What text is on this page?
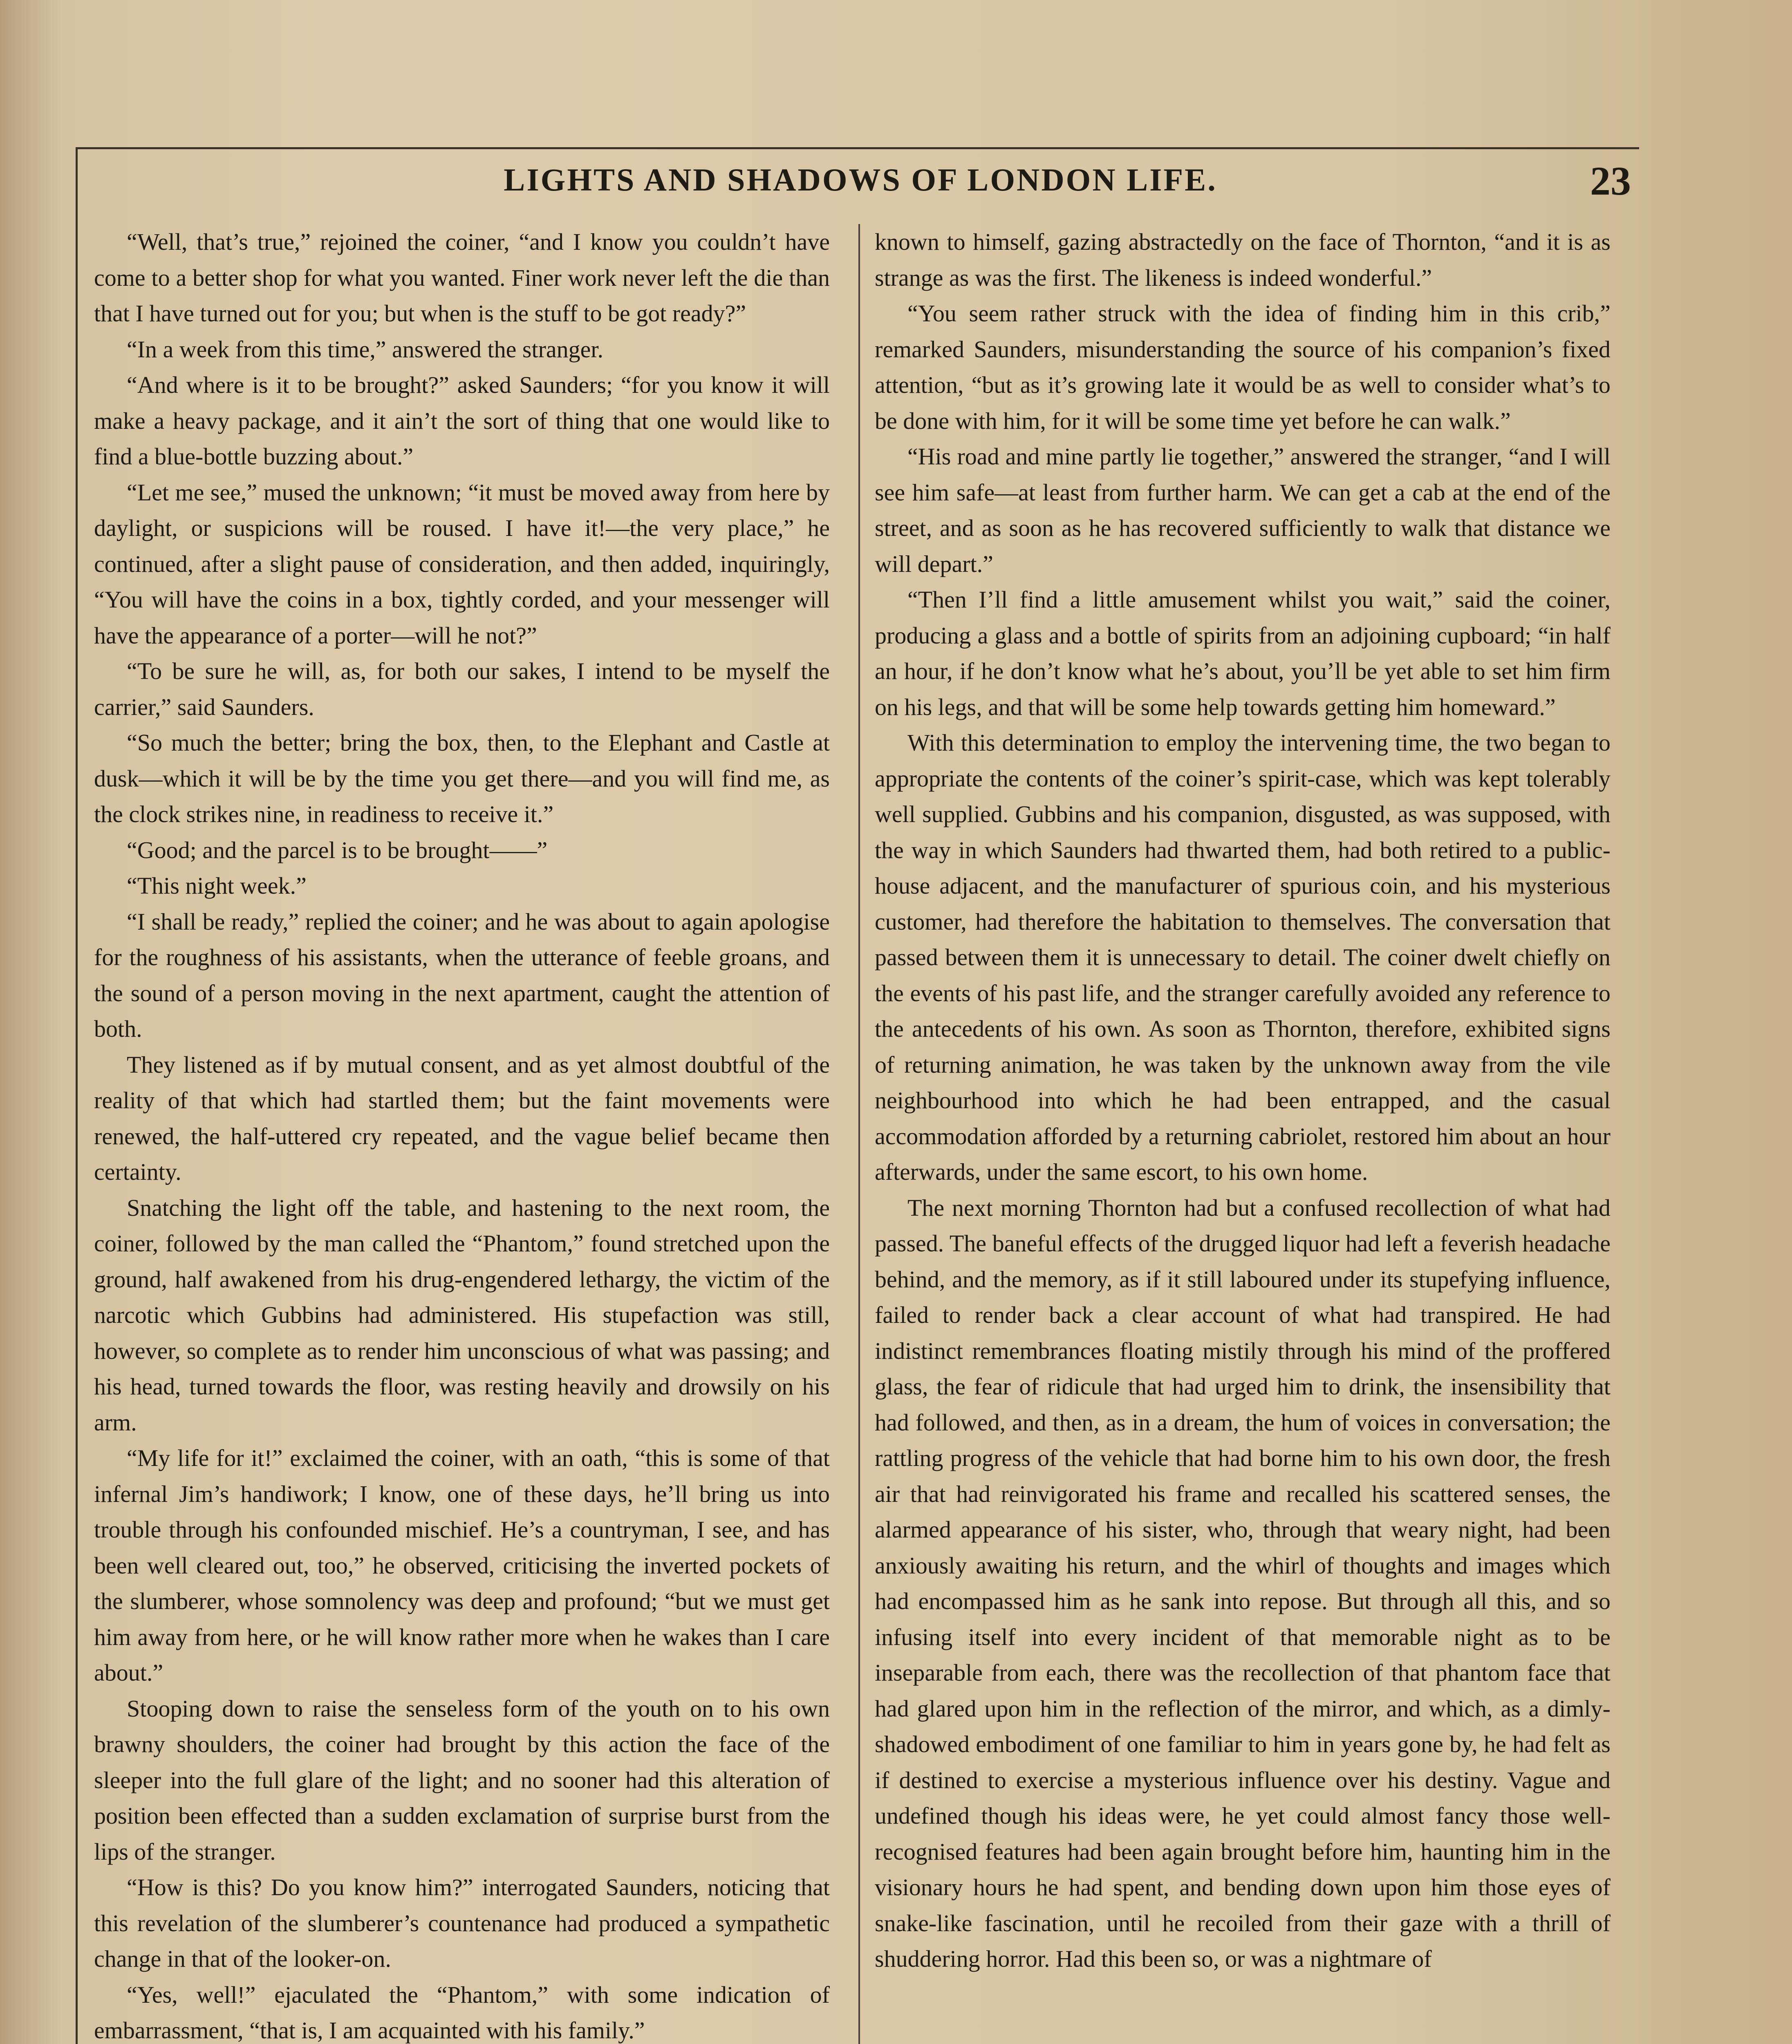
LIGHTS AND SHADOWS OF LONDON LIFE.	23

“Well, that’s true,” rejoined the coiner, “and I know you couldn’t have come to a better shop for what you wanted. Finer work never left the die than that I have turned out for you; but when is the stuff to be got ready?”

“In a week from this time,” answered the stranger.

“And where is it to be brought?” asked Saunders; “for you know it will make a heavy package, and it ain’t the sort of thing that one would like to find a blue-bottle buzzing about.”

“Let me see,” mused the unknown; “it must be moved away from here by daylight, or suspicions will be roused. I have it!—the very place,” he continued, after a slight pause of consideration, and then added, inquiringly, “You will have the coins in a box, tightly corded, and your messenger will have the appearance of a porter—will he not?”

“To be sure he will, as, for both our sakes, I intend to be myself the carrier,” said Saunders.

“So much the better; bring the box, then, to the Elephant and Castle at dusk—which it will be by the time you get there—and you will find me, as the clock strikes nine, in readiness to receive it.”

“Good; and the parcel is to be brought——”

“This night week.”

“I shall be ready,” replied the coiner; and he was about to again apologise for the roughness of his assistants, when the utterance of feeble groans, and the sound of a person moving in the next apartment, caught the attention of both.

They listened as if by mutual consent, and as yet almost doubtful of the reality of that which had startled them; but the faint movements were renewed, the half-uttered cry repeated, and the vague belief became then certainty.

Snatching the light off the table, and hastening to the next room, the coiner, followed by the man called the “Phantom,” found stretched upon the ground, half awakened from his drug-engendered lethargy, the victim of the narcotic which Gubbins had administered. His stupefaction was still, however, so complete as to render him unconscious of what was passing; and his head, turned towards the floor, was resting heavily and drowsily on his arm.

“My life for it!” exclaimed the coiner, with an oath, “this is some of that infernal Jim’s handiwork; I know, one of these days, he’ll bring us into trouble through his confounded mischief. He’s a countryman, I see, and has been well cleared out, too,” he observed, criticising the inverted pockets of the slumberer, whose somnolency was deep and profound; “but we must get him away from here, or he will know rather more when he wakes than I care about.”

Stooping down to raise the senseless form of the youth on to his own brawny shoulders, the coiner had brought by this action the face of the sleeper into the full glare of the light; and no sooner had this alteration of position been effected than a sudden exclamation of surprise burst from the lips of the stranger.

“How is this? Do you know him?” interrogated Saunders, noticing that this revelation of the slumberer’s countenance had produced a sympathetic change in that of the looker-on.

“Yes, well!” ejaculated the “Phantom,” with some indication of embarrassment, “that is, I am acquainted with his family.”

known to himself, gazing abstractedly on the face of Thornton, “and it is as strange as was the first. The likeness is indeed wonderful.”

“You seem rather struck with the idea of finding him in this crib,” remarked Saunders, misunderstanding the source of his companion’s fixed attention, “but as it’s growing late it would be as well to consider what’s to be done with him, for it will be some time yet before he can walk.”

“His road and mine partly lie together,” answered the stranger, “and I will see him safe—at least from further harm. We can get a cab at the end of the street, and as soon as he has recovered sufficiently to walk that distance we will depart.”

“Then I’ll find a little amusement whilst you wait,” said the coiner, producing a glass and a bottle of spirits from an adjoining cupboard; “in half an hour, if he don’t know what he’s about, you’ll be yet able to set him firm on his legs, and that will be some help towards getting him homeward.”

With this determination to employ the intervening time, the two began to appropriate the contents of the coiner’s spirit-case, which was kept tolerably well supplied. Gubbins and his companion, disgusted, as was supposed, with the way in which Saunders had thwarted them, had both retired to a public-house adjacent, and the manufacturer of spurious coin, and his mysterious customer, had therefore the habitation to themselves. The conversation that passed between them it is unnecessary to detail. The coiner dwelt chiefly on the events of his past life, and the stranger carefully avoided any reference to the antecedents of his own. As soon as Thornton, therefore, exhibited signs of returning animation, he was taken by the unknown away from the vile neighbourhood into which he had been entrapped, and the casual accommodation afforded by a returning cabriolet, restored him about an hour afterwards, under the same escort, to his own home.

The next morning Thornton had but a confused recollection of what had passed. The baneful effects of the drugged liquor had left a feverish headache behind, and the memory, as if it still laboured under its stupefying influence, failed to render back a clear account of what had transpired. He had indistinct remembrances floating mistily through his mind of the proffered glass, the fear of ridicule that had urged him to drink, the insensibility that had followed, and then, as in a dream, the hum of voices in conversation; the rattling progress of the vehicle that had borne him to his own door, the fresh air that had reinvigorated his frame and recalled his scattered senses, the alarmed appearance of his sister, who, through that weary night, had been anxiously awaiting his return, and the whirl of thoughts and images which had encompassed him as he sank into repose. But through all this, and so infusing itself into every incident of that memorable night as to be inseparable from each, there was the recollection of that phantom face that had glared upon him in the reflection of the mirror, and which, as a dimly-shadowed embodiment of one familiar to him in years gone by, he had felt as if destined to exercise a mysterious influence over his destiny. Vague and undefined though his ideas were, he yet could almost fancy those well-recognised features had been again brought before him, haunting him in the visionary hours he had spent, and bending down upon him those eyes of snake-like fascination, until he recoiled from their gaze with a thrill of shuddering horror. Had this been so, or was a nightmare of
